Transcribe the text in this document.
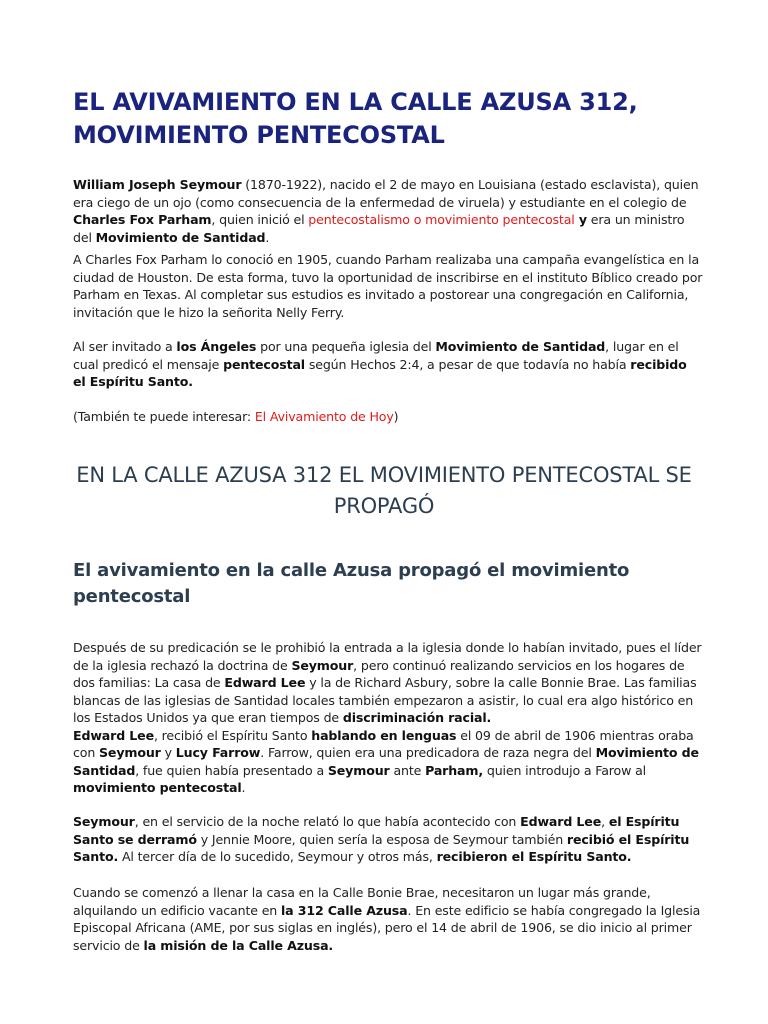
EL AVIVAMIENTO EN LA CALLE AZUSA 312, MOVIMIENTO PENTECOSTAL

William Joseph Seymour (1870-1922), nacido el 2 de mayo en Louisiana (estado esclavista), quien era ciego de un ojo (como consecuencia de la enfermedad de viruela) y estudiante en el colegio de Charles Fox Parham, quien inició el pentecostalismo o movimiento pentecostal y era un ministro del Movimiento de Santidad.

A Charles Fox Parham lo conoció en 1905, cuando Parham realizaba una campaña evangelística en la ciudad de Houston. De esta forma, tuvo la oportunidad de inscribirse en el instituto Bíblico creado por Parham en Texas. Al completar sus estudios es invitado a postorear una congregación en California, invitación que le hizo la señorita Nelly Ferry.

Al ser invitado a los Ángeles por una pequeña iglesia del Movimiento de Santidad, lugar en el cual predicó el mensaje pentecostal según Hechos 2:4, a pesar de que todavía no había recibido el Espíritu Santo.

(También te puede interesar: El Avivamiento de Hoy)

EN LA CALLE AZUSA 312 EL MOVIMIENTO PENTECOSTAL SE PROPAGÓ
El avivamiento en la calle Azusa propagó el movimiento pentecostal

Después de su predicación se le prohibió la entrada a la iglesia donde lo habían invitado, pues el líder de la iglesia rechazó la doctrina de Seymour, pero continuó realizando servicios en los hogares de dos familias: La casa de Edward Lee y la de Richard Asbury, sobre la calle Bonnie Brae. Las familias blancas de las iglesias de Santidad locales también empezaron a asistir, lo cual era algo histórico en los Estados Unidos ya que eran tiempos de discriminación racial.
Edward Lee, recibió el Espíritu Santo hablando en lenguas el 09 de abril de 1906 mientras oraba con Seymour y Lucy Farrow. Farrow, quien era una predicadora de raza negra del Movimiento de Santidad, fue quien había presentado a Seymour ante Parham, quien introdujo a Farow al movimiento pentecostal.

Seymour, en el servicio de la noche relató lo que había acontecido con Edward Lee, el Espíritu Santo se derramó y Jennie Moore, quien sería la esposa de Seymour también recibió el Espíritu Santo. Al tercer día de lo sucedido, Seymour y otros más, recibieron el Espíritu Santo.

Cuando se comenzó a llenar la casa en la Calle Bonie Brae, necesitaron un lugar más grande, alquilando un edificio vacante en la 312 Calle Azusa. En este edificio se había congregado la Iglesia Episcopal Africana (AME, por sus siglas en inglés), pero el 14 de abril de 1906, se dio inicio al primer servicio de la misión de la Calle Azusa.
